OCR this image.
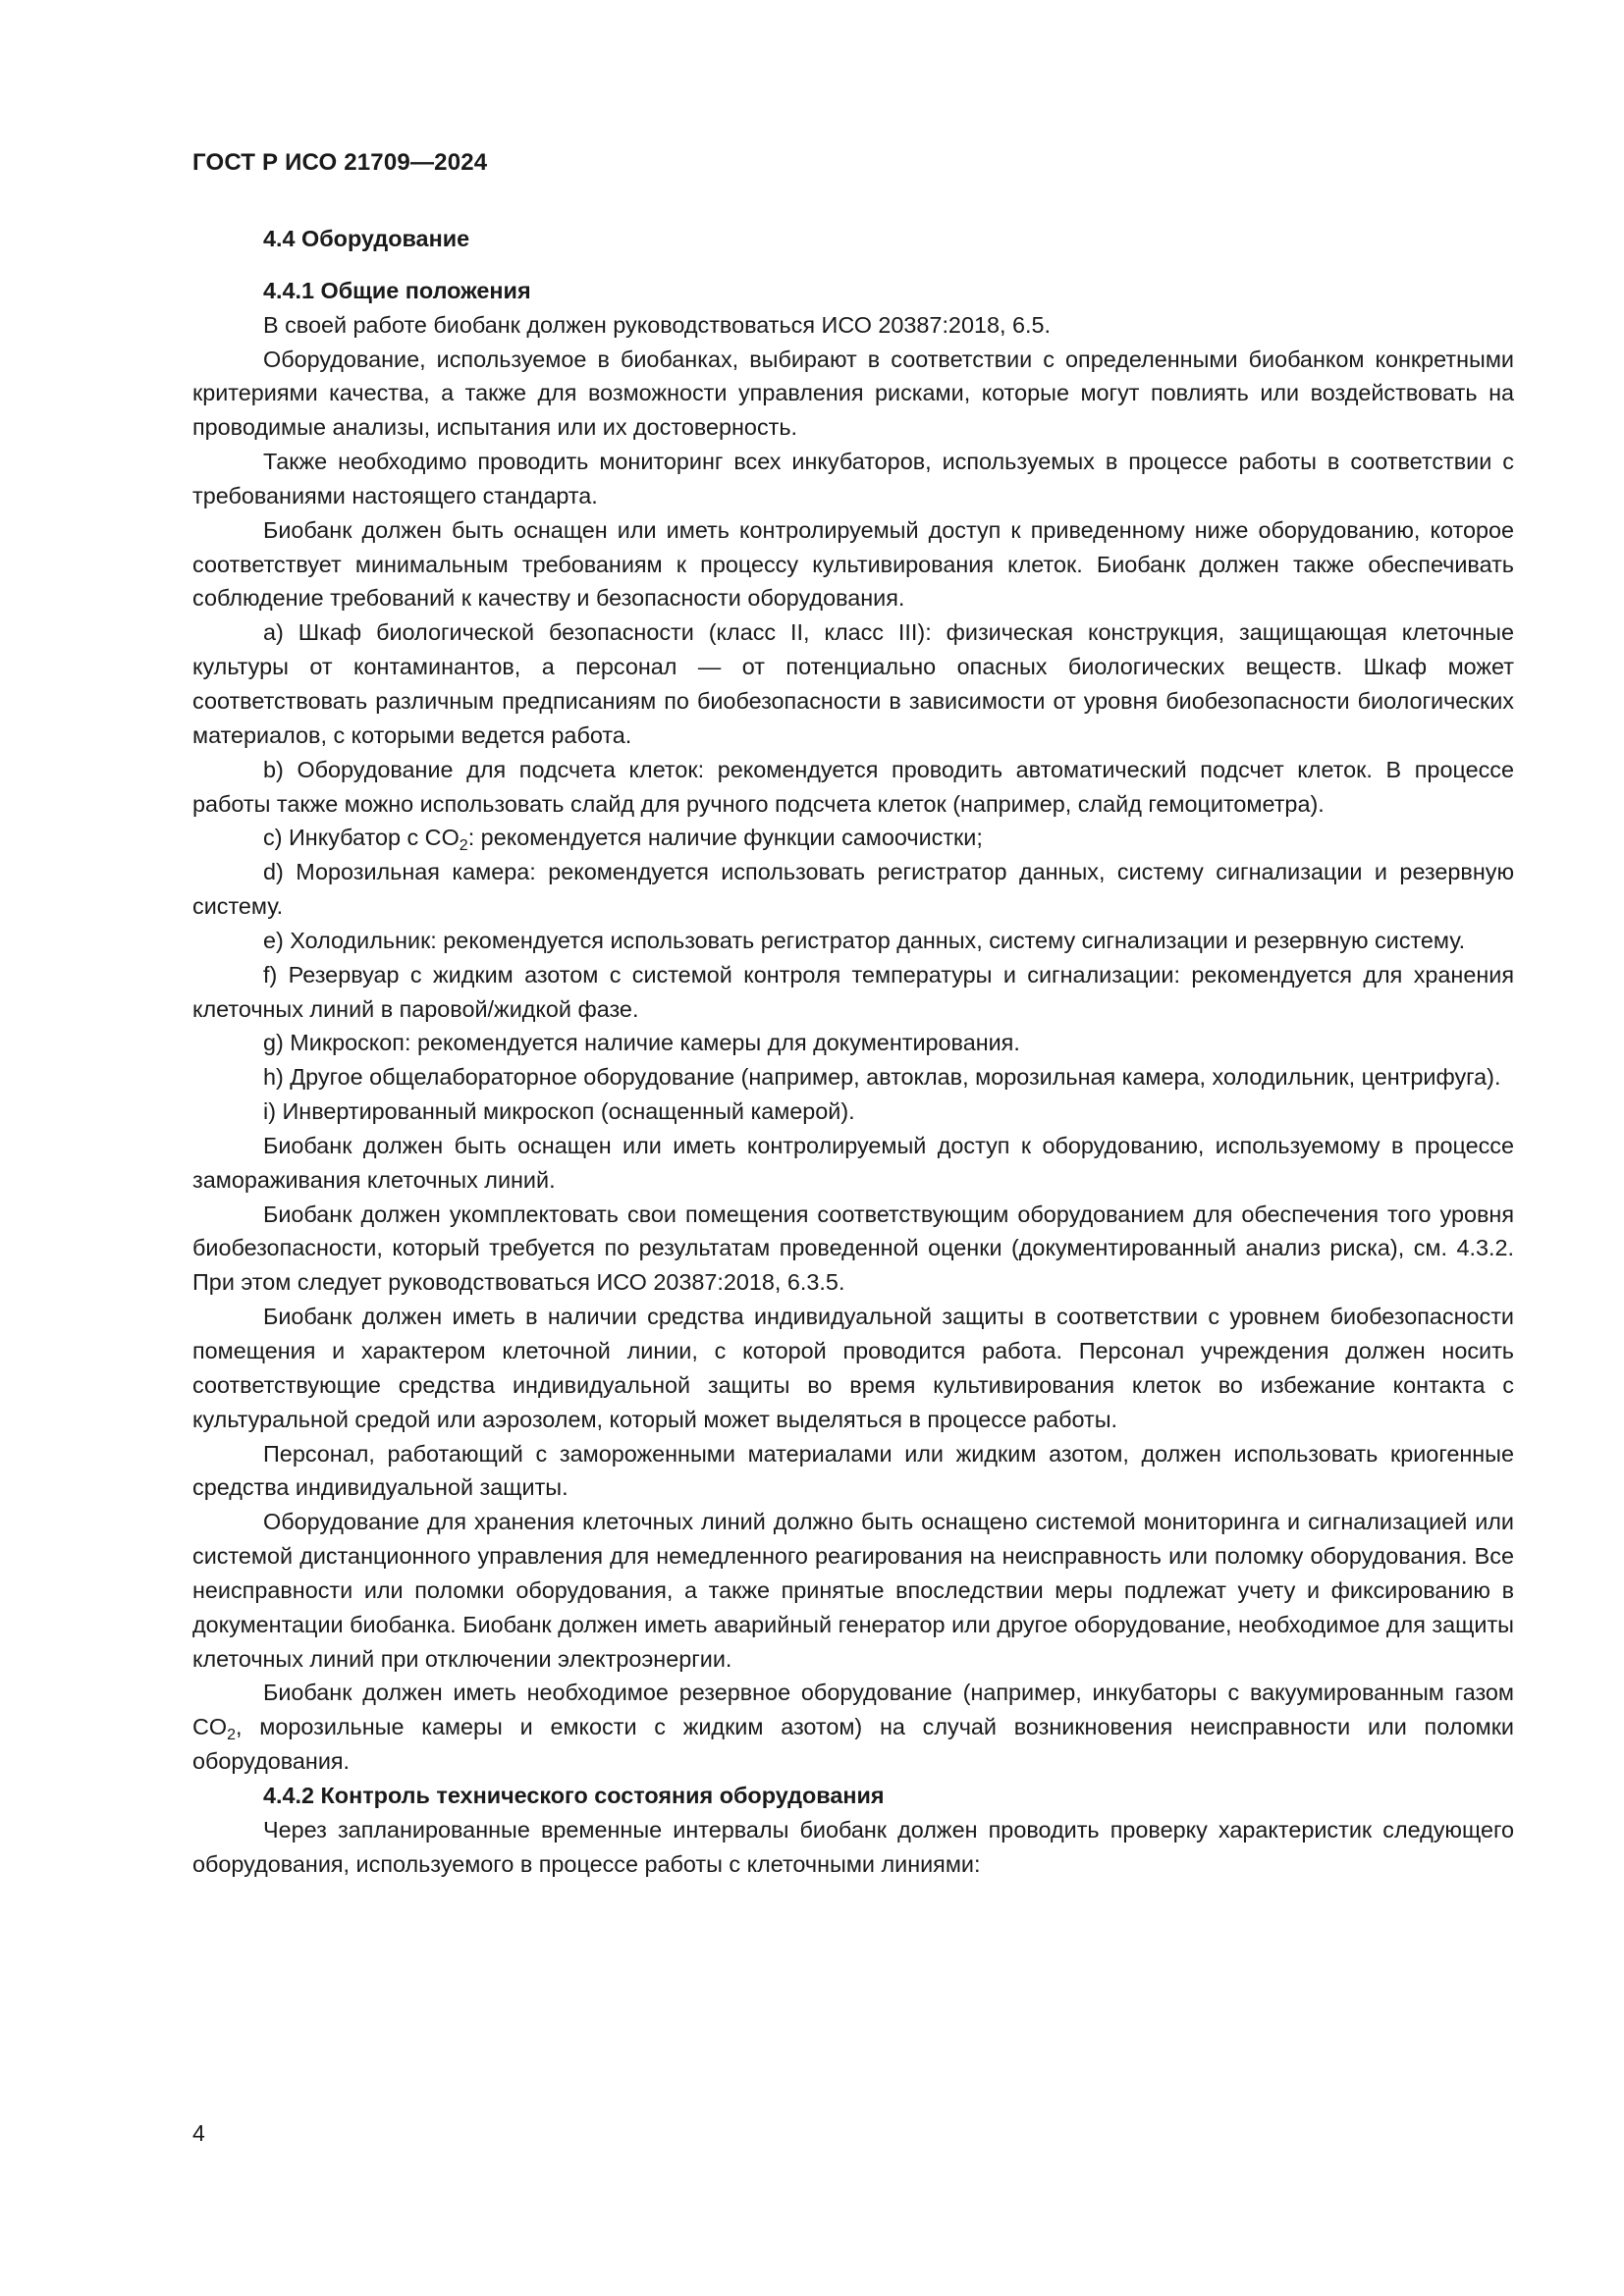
ГОСТ Р ИСО 21709—2024
4.4 Оборудование
4.4.1 Общие положения

В своей работе биобанк должен руководствоваться ИСО 20387:2018, 6.5.

Оборудование, используемое в биобанках, выбирают в соответствии с определенными биобанком конкретными критериями качества, а также для возможности управления рисками, которые могут повлиять или воздействовать на проводимые анализы, испытания или их достоверность.

Также необходимо проводить мониторинг всех инкубаторов, используемых в процессе работы в соответствии с требованиями настоящего стандарта.

Биобанк должен быть оснащен или иметь контролируемый доступ к приведенному ниже оборудованию, которое соответствует минимальным требованиям к процессу культивирования клеток. Биобанк должен также обеспечивать соблюдение требований к качеству и безопасности оборудования.

а) Шкаф биологической безопасности (класс II, класс III): физическая конструкция, защищающая клеточные культуры от контаминантов, а персонал — от потенциально опасных биологических веществ. Шкаф может соответствовать различным предписаниям по биобезопасности в зависимости от уровня биобезопасности биологических материалов, с которыми ведется работа.

b) Оборудование для подсчета клеток: рекомендуется проводить автоматический подсчет клеток. В процессе работы также можно использовать слайд для ручного подсчета клеток (например, слайд гемоцитометра).

c) Инкубатор с $CO_2$: рекомендуется наличие функции самоочистки;

d) Морозильная камера: рекомендуется использовать регистратор данных, систему сигнализации и резервную систему.

e) Холодильник: рекомендуется использовать регистратор данных, систему сигнализации и резервную систему.

f) Резервуар с жидким азотом с системой контроля температуры и сигнализации: рекомендуется для хранения клеточных линий в паровой/жидкой фазе.

g) Микроскоп: рекомендуется наличие камеры для документирования.

h) Другое общелабораторное оборудование (например, автоклав, морозильная камера, холодильник, центрифуга).

i) Инвертированный микроскоп (оснащенный камерой).

Биобанк должен быть оснащен или иметь контролируемый доступ к оборудованию, используемому в процессе замораживания клеточных линий.

Биобанк должен укомплектовать свои помещения соответствующим оборудованием для обеспечения того уровня биобезопасности, который требуется по результатам проведенной оценки (документированный анализ риска), см. 4.3.2. При этом следует руководствоваться ИСО 20387:2018, 6.3.5.

Биобанк должен иметь в наличии средства индивидуальной защиты в соответствии с уровнем биобезопасности помещения и характером клеточной линии, с которой проводится работа. Персонал учреждения должен носить соответствующие средства индивидуальной защиты во время культивирования клеток во избежание контакта с культуральной средой или аэрозолем, который может выделяться в процессе работы.

Персонал, работающий с замороженными материалами или жидким азотом, должен использовать криогенные средства индивидуальной защиты.

Оборудование для хранения клеточных линий должно быть оснащено системой мониторинга и сигнализацией или системой дистанционного управления для немедленного реагирования на неисправность или поломку оборудования. Все неисправности или поломки оборудования, а также принятые впоследствии меры подлежат учету и фиксированию в документации биобанка. Биобанк должен иметь аварийный генератор или другое оборудование, необходимое для защиты клеточных линий при отключении электроэнергии.

Биобанк должен иметь необходимое резервное оборудование (например, инкубаторы с вакуумированным газом $CO_2$, морозильные камеры и емкости с жидким азотом) на случай возникновения неисправности или поломки оборудования.

4.4.2 Контроль технического состояния оборудования

Через запланированные временные интервалы биобанк должен проводить проверку характеристик следующего оборудования, используемого в процессе работы с клеточными линиями:

4
